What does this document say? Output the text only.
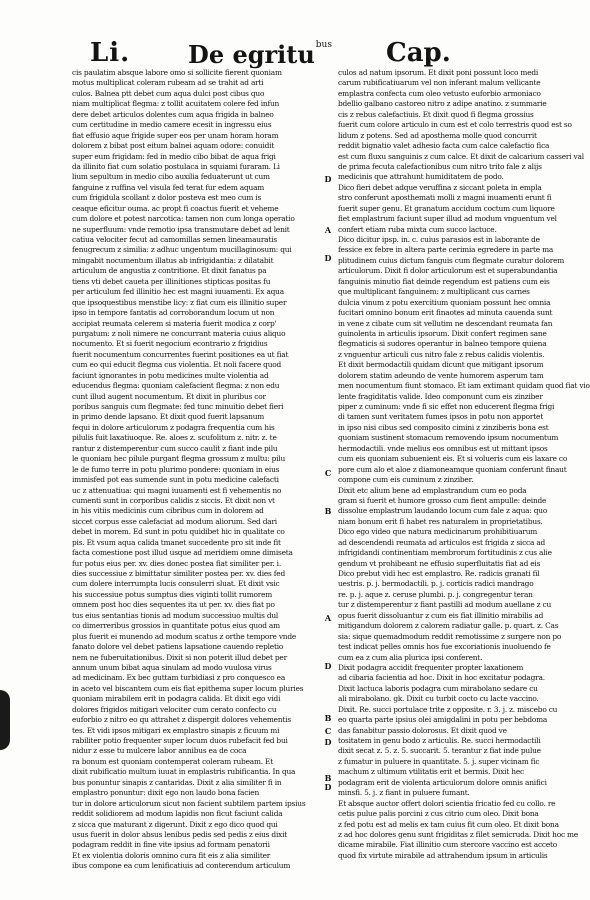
Li. De egritu$^{bus}$ Cap.
cis paulatim absque labore omo si sollicite fierent quoniam
motus multiplicat coleram rubeam ad se trahit ad arti
culos. Balnea ptt debet cum aqua dulci post cibus quo
niam multiplicat flegma: z tollit acuitatem colere fed infun
dere debet articulos dolentes cum aqua frigida in balneo
cum certitudine in medio camere ecesit in ingressu eius
fiat effusio aque frigide super eos per unam horam horam
dolorem z bibat post eitum balnei aquam odore: conuidit
super eum frigidam: fed in medio cibo bibat de aqua frigi
da illinito fiat cum solatio postulaca in squiami furaram. Li
lium sepultum in medio cibo auxilia feduaterunt ut cum
fanguine z ruffina vel visula fed terat fur edem aquam
cum frigidula scollant z dolor posteva est meo cum is
ceaque eficitur ouma. ac propt fi coactus fuerit et veheme
cum dolore et potest narcotica: tamen non cum longa operatio
ne superfluum: vnde remotio ipsa transmutare debet ad lenit
catiua velociter fecut ad camomillas semen lineamauratis
fenugrecum z similia: z adhuc ungentum mucillaginosum: qui
mingabit nocumentum illatus ab infrigidantia: z dilatabit
articulum de angustia z contritione. Et dixit fanatus pa
tiens vti debet caueta per illinitiones stipticas positas fu
per articulum fed illinitio hec est magni iuuamenti. Ex aqua
que ipsoquestibus menstibe licy: z fiat cum eis illinitio super
ipso in tempore fantatis ad corroborandum locum ut non
accipiat reumata celerem si materia fuerit modica z corp'
purgatum: z noli nimere ne concurrant materia cuius aliquo
nocumento. Et si fuerit negocium econtrario z frigidius
fuerit nocumentum concurrentes fuerint positiones ea ut fiat
cum eo qui educit flegma cus violentia. Et noli facere quod
faciunt ignorantes in potu medicines multe violentia ad
educendus flegma: quoniam calefacient flegma: z non edu
cunt illud augent nocumentum. Et dixit in pluribus cor
poribus sanguis cum flegmate: fed tunc minuitio debet fieri
in primo dende lapsano. Et dixit quod fuerit lapsanum
fequi in dolore articulorum z podagra frequentia cum his
pilulis fuit laxatiuoque. Re. aloes z. scufolitum z. nitr. z. te
rantur z distemperentur cum succo caulit z fiant inde pilu
le quoniam hec pilule purgant flegma grossum z multu: pilu
le de fumo terre in potu plurimo pondere: quoniam in eius
immisfed pot eas sumende sunt in potu medicine calefacti
uc z attenuatiua: qui magni iuuamenti est fi vehementis no
cumenti sunt in corporibus calidis z siccis. Et dixit non vt
in his vitiis medicinis cum cibribus cum in dolorem ad
siccet corpus esse calefaciat ad modum aliorum. Sed dari
debet in morem. Ed sunt in potu quidibet hic in qualitate co
pis. Et vsum aqua calida tmanet succedente pro sit inde fit
facta comestione post illud usque ad meridiem omne dimiseta
fur potus eius per. xv. dies donec postea fiat similiter per. i.
dies successiue z bimittatur similiter postea per. xv. dies fed
cum dolere interrumpta lucis consulerri sluat. Et dixit vsic
his successiue potus sumptus dies viginti tollit rumorem
omnem post hoc dies sequentes ita ut per. xv. dies fiat po
tus eius sentantias tionis ad modum successiuo multis dul
co dimerreribus grossios in quantitate potus eius quod am
plus fuerit ei munendo ad modum scatus z orthe tempore vnde
fanato dolore vel debet patiens lapsatione cauendo repletio
nem ne fuberuitationibus. Dixit si non poterit illud debet per
annum unum bibat aqua sinulam ad modo vuulosa virus
ad medicinam. Ex bec guttam turbidiasi z pro conquesco ea
in aceto vel biscantem cum eis fiat epithema super locum pluries
quoniam mirabilem erit in podagra calida. Et dixit ego vidi
dolores frigidos mitigari velociter cum cerato confecto cu
euforbio z nitro eo qu attrahet z dispergit dolores vehementis
tes. Et vidi ipsos mitigari ex emplastro sinapis z ficuum mi
rabiliter potio frequenter super locum duos rubefacit fed bui
nidur z esse tu mulcere labor annibus ea de coca
ra bonum est quoniam contemperat coleram rubeam. Et
dixit rubificatio multum iuuat in emplastris rubificantia. In qua
bus ponuntur sinapis z cantaridas. Dixit z alia similiter fi in
emplastro ponuntur: dixit ego non laudo bona facien
tur in dolore articulorum sicut non facient subtilem partem ipsius
reddit solidiorem ad modum lapidis non ficut faciunt calida
z sicca que maturant z digerunt. Dixit z ego dico quod qui
usus fuerit in dolor absus lenibus pedis sed pedis z eius dixit
podagram reddit in fine vite ipsius ad formam penatorii
Et ex violentia doloris omnino cura fit eis z alia similiter
ibus compone ea cum lenificatiuis ad conterendum articulum
culos ad natum ipsorum. Et dixit poni possunt loco medi
carum rubificatiuarum vel non inferant malum vellicante
emplastra confecta cum oleo vetusto euforbio armoniaco
bdellio galbano castoreo nitro z adipe anatino. z summarie
cis z rebus calefactiuis. Et dixit quod fi flegma grossius
fuerit cum colore articulo in cum est et colo terrestris quod est so
lidum z potens. Sed ad aposthema molle quod concurrit
reddit bignatio valet adhesio facta cum calce calefactio fica
est cum fluxu sanguinis z cum calce. Et dixit de calcarium casseri val
de prima fecuta calefactionibus cum nitro trito fale z alijs
medicinis que attrahunt humiditatem de podo.
Dico fieri debet adque veruffina z siccant poleta in empla
stro conferunt aposthemati molli z magni inuamenti erunt fi
fuerit super genu. Et granatum accidum coctum cum liquore
fiet emplastrum faciunt super illud ad modum vnguentum vel
confert etiam ruba mixta cum succo lactuce.
Dico dicitur ipsp. in. c. cuius parasios est in laborante de
fessice ex febre in altera parte cerimia egredere in parte ma
plitudinem cuius dictum fanguis cum flegmate curatur dolorem
articulorum. Dixit fi dolor articulorum est et superabundantia
fanguinis minutio fiat deinde regendum est patiens cum eis
que multiplicant fanguinem: z multiplicant cus carnes
dulcia vinum z potu exercitium quoniam possunt hec omnia
fucitari omnino bonum erit finaotes ad minuta cauenda sunt
in vene z cibate cum sit vellutim ne descendant reumata fan
guinolenta in articulis ipsorum. Dixit confert regimen sane
flegmaticis si sudores operantur in balneo tempore quiena
z vnguentur articuli cus nitro fale z rebus calidis violentis.
Et dixit bermodactili quidam dicunt que mitigant ipsorum
dolorem statim adeundo de vente humorem asperum tam
men nocumentum fiunt stomaco. Et iam extimant quidam quod fiat vio
lente fragiditatis valide. Ideo componunt cum eis zinziber
piper z cuminum: vnde fi sic effet non educerent flegma frigi
di tamen sunt veritatem fumes ipsos in potu non apportet
in ipso nisi cibus sed composito cimini z zinziberis bona est
quoniam sustinent stomacum removendo ipsum nocumentum
hermodactili. vnde melius eos omnibus est ut mittant ipsos
cum eis quoniam subuenient eis. Et si volueris cum eis laxare co
pore cum alo et aloe z diamoneamque quoniam conferunt finaut
compone cum eis cuminum z zinziber.
Dixit etc alium bene ad emplastrandum cum eo poda
gram si fuerit et humore grosso cum fient ampulle: deinde
dissolue emplastrum laudando locum cum fale z aqua: quo
niam bonum erit fi habet res naturalem in proprietatibus.
Dico ego video que natura medicinarum prohibitiuarum
ad descendendi reumata ad articulos est frigida z sicca ad
infrigidandi continentiam membrorum fortitudinis z cus alie
gendum vt prohibeant ne effusio superfluitatis fiat ad eis
Dico prebut vidi hec est emplastro. Re. radicis granati fil
uestris. p. j. bermodactili. p. j. corticis radici mandrago
re. p. j. aque z. ceruse plumbi. p. j. congregentur teran
tur z distemperentur z fiant pastilli ad modum auellane z cu
opus fuerit dissoluantur z cum eis fiat illinitio mirabilis ad
mitigandum dolorem z calorem radiatur galle. p. quart. z. Cas
sia: sique quemadmodum reddit remotissime z surgere non po
test indicat pelles omnis hos fue excoriationis inuoluendo fe
cum ea z cum alia plurica ipsi conferent.
Dixit podagra accidit frequenter propter laxationem
ad cibaria facientia ad hoc. Dixit in hoc excitatur podagra.
Dixit lactuca laboris podagra cum mirabolano sedare cu
ali mirabolano. gk. Dixit cu turbit cocto cu lacte vaccino.
Dixit. Re. succi portulace trite z opposite. r. 3. j. z. miscebo cu
eo quarta parte ipsius olei amigdalini in potu per bebdoma
das fanabitur passio dolorosus. Et dixit quod ve
tositatem in genu bodo z articulis. Re. succi hermodactili
dixit secat z. 5. z. 5. succarit. 5. terantur z fiat inde pulue
z fumatur in puluere in quantitate. 5. j. super vicinam fic
machum z ultimum vtilitatis erit et bermis. Dixit hec
podagram erit de violenta articulorum dolore omnis anifici
minsfi. 5. j. z fiant in puluere fumant.
Et absque auctor offert dolori scientia fricatio fed cu collo. re
cetis pulue palis porcini z cus citrio cum oleo. Dixit bona
z fed potu est ad melis ex tam cuius fit cum oleo. Et dixit bona
z ad hoc dolores genu sunt frigiditas z filet semicruda. Dixit hoc me
dicame mirabile. Fiat illinitio cum stercore vaccino est acceto
quod fix virtute mirabile ad attrahendum ipsum in articulis
D
A
D
C
B
A
D
B
C
D
B
D
